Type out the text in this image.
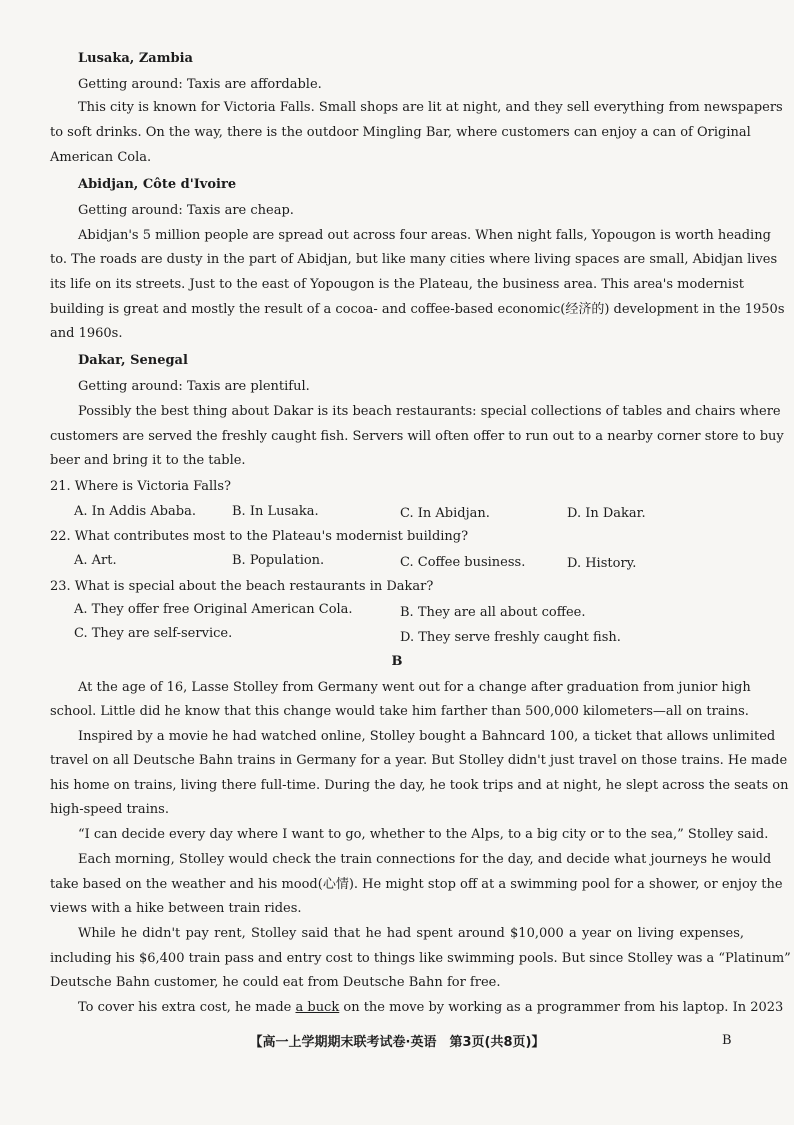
Lusaka, Zambia
Getting around: Taxis are affordable.
This city is known for Victoria Falls. Small shops are lit at night, and they sell everything from newspapers
to soft drinks. On the way, there is the outdoor Mingling Bar, where customers can enjoy a can of Original
American Cola.
Abidjan, Côte d'Ivoire
Getting around: Taxis are cheap.
Abidjan's 5 million people are spread out across four areas. When night falls, Yopougon is worth heading
to. The roads are dusty in the part of Abidjan, but like many cities where living spaces are small, Abidjan lives
its life on its streets. Just to the east of Yopougon is the Plateau, the business area. This area's modernist
building is great and mostly the result of a cocoa- and coffee-based economic(经济的) development in the 1950s
and 1960s.
Dakar, Senegal
Getting around: Taxis are plentiful.
Possibly the best thing about Dakar is its beach restaurants: special collections of tables and chairs where
customers are served the freshly caught fish. Servers will often offer to run out to a nearby corner store to buy
beer and bring it to the table.
21. Where is Victoria Falls?
A. In Addis Ababa.	B. In Lusaka.	C. In Abidjan.	D. In Dakar.
22. What contributes most to the Plateau's modernist building?
A. Art.	B. Population.	C. Coffee business.	D. History.
23. What is special about the beach restaurants in Dakar?
A. They offer free Original American Cola.	B. They are all about coffee.
C. They are self-service.	D. They serve freshly caught fish.
B
At the age of 16, Lasse Stolley from Germany went out for a change after graduation from junior high
school. Little did he know that this change would take him farther than 500,000 kilometers—all on trains.
Inspired by a movie he had watched online, Stolley bought a Bahncard 100, a ticket that allows unlimited
travel on all Deutsche Bahn trains in Germany for a year. But Stolley didn't just travel on those trains. He made
his home on trains, living there full-time. During the day, he took trips and at night, he slept across the seats on
high-speed trains.
“I can decide every day where I want to go, whether to the Alps, to a big city or to the sea,” Stolley said.
Each morning, Stolley would check the train connections for the day, and decide what journeys he would
take based on the weather and his mood(心情). He might stop off at a swimming pool for a shower, or enjoy the
views with a hike between train rides.
While he didn't pay rent, Stolley said that he had spent around $10,000 a year on living expenses,
including his $6,400 train pass and entry cost to things like swimming pools. But since Stolley was a “Platinum”
Deutsche Bahn customer, he could eat from Deutsche Bahn for free.
To cover his extra cost, he made a buck on the move by working as a programmer from his laptop. In 2023
【高一上学期期末联考试卷·英语　第3页(共8页)】	B
